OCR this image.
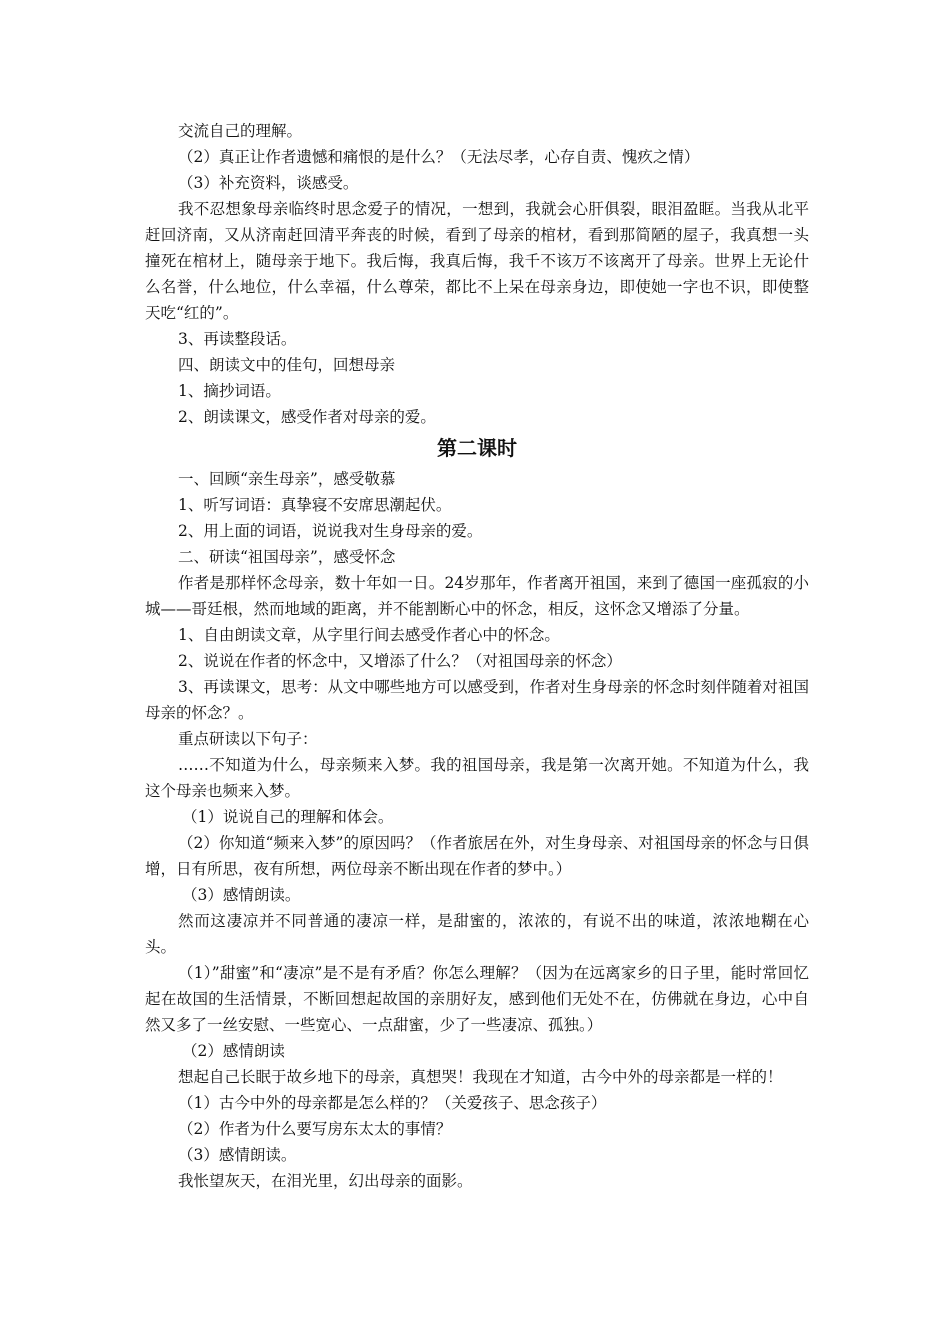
交流自己的理解。

（2）真正让作者遗憾和痛恨的是什么？（无法尽孝，心存自责、愧疚之情）

（3）补充资料，谈感受。

我不忍想象母亲临终时思念爱子的情况，一想到，我就会心肝俱裂，眼泪盈眶。当我从北平赶回济南，又从济南赶回清平奔丧的时候，看到了母亲的棺材，看到那简陋的屋子，我真想一头撞死在棺材上，随母亲于地下。我后悔，我真后悔，我千不该万不该离开了母亲。世界上无论什么名誉，什么地位，什么幸福，什么尊荣，都比不上呆在母亲身边，即使她一字也不识，即使整天吃“红的”。

3、再读整段话。

四、朗读文中的佳句，回想母亲

1、摘抄词语。

2、朗读课文，感受作者对母亲的爱。

第二课时

一、回顾“亲生母亲”，感受敬慕

1、听写词语：真挚寝不安席思潮起伏。

2、用上面的词语，说说我对生身母亲的爱。

二、研读“祖国母亲”，感受怀念

作者是那样怀念母亲，数十年如一日。24岁那年，作者离开祖国，来到了德国一座孤寂的小城——哥廷根，然而地域的距离，并不能割断心中的怀念，相反，这怀念又增添了分量。

1、自由朗读文章，从字里行间去感受作者心中的怀念。

2、说说在作者的怀念中，又增添了什么？（对祖国母亲的怀念）

3、再读课文，思考：从文中哪些地方可以感受到，作者对生身母亲的怀念时刻伴随着对祖国母亲的怀念？。

重点研读以下句子：

……不知道为什么，母亲频来入梦。我的祖国母亲，我是第一次离开她。不知道为什么，我这个母亲也频来入梦。

（1）说说自己的理解和体会。

（2）你知道“频来入梦”的原因吗？（作者旅居在外，对生身母亲、对祖国母亲的怀念与日俱增，日有所思，夜有所想，两位母亲不断出现在作者的梦中。）

（3）感情朗读。

然而这凄凉并不同普通的凄凉一样，是甜蜜的，浓浓的，有说不出的味道，浓浓地糊在心头。

（1）”甜蜜”和“凄凉”是不是有矛盾？你怎么理解？（因为在远离家乡的日子里，能时常回忆起在故国的生活情景，不断回想起故国的亲朋好友，感到他们无处不在，仿佛就在身边，心中自然又多了一丝安慰、一些宽心、一点甜蜜，少了一些凄凉、孤独。）

（2）感情朗读

想起自己长眠于故乡地下的母亲，真想哭！我现在才知道，古今中外的母亲都是一样的！

（1）古今中外的母亲都是怎么样的？（关爱孩子、思念孩子）

（2）作者为什么要写房东太太的事情？

（3）感情朗读。

我怅望灰天，在泪光里，幻出母亲的面影。
